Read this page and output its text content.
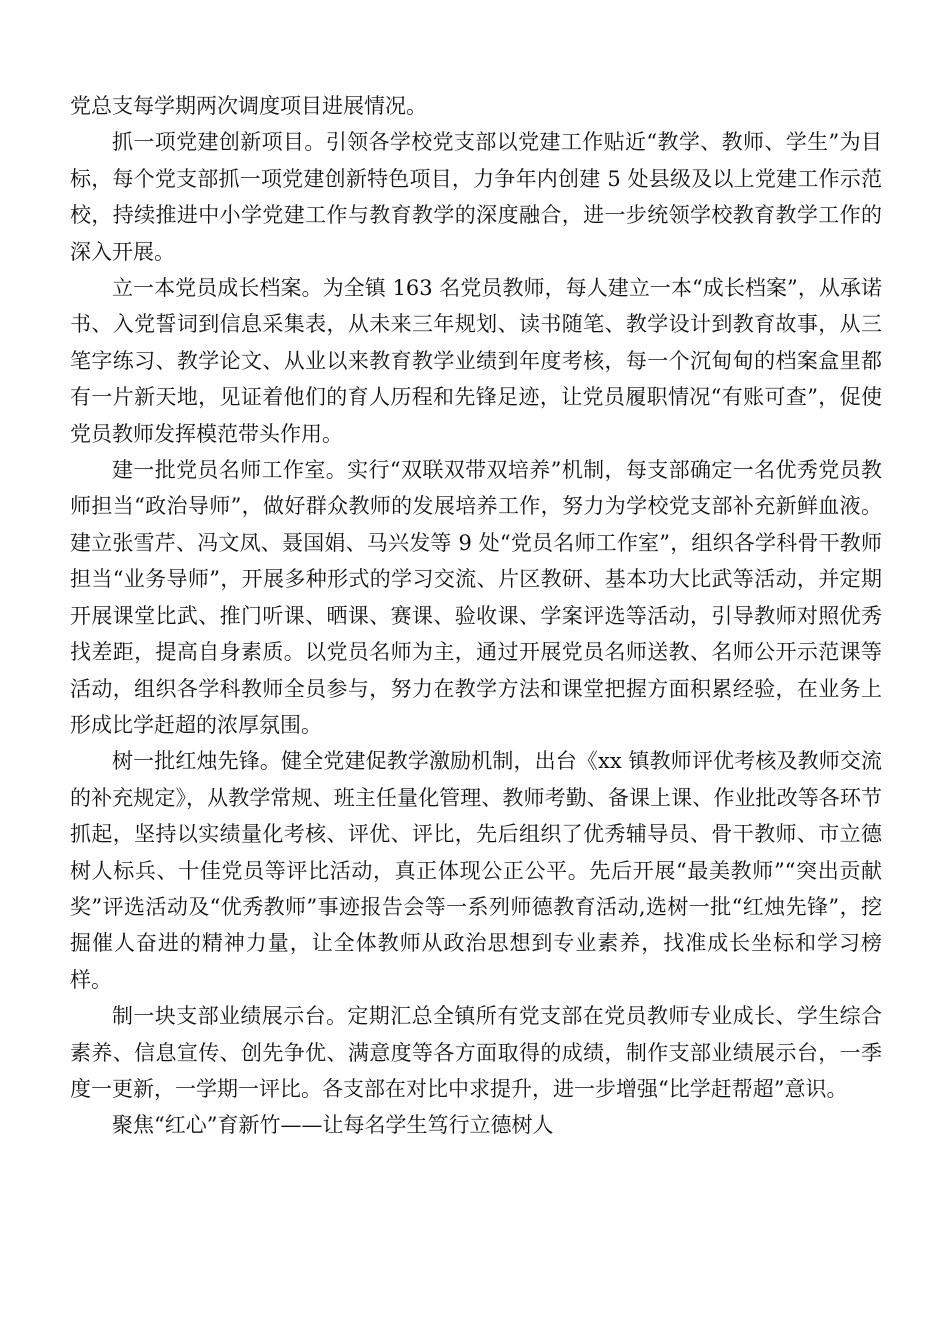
党总支每学期两次调度项目进展情况。

抓一项党建创新项目。引领各学校党支部以党建工作贴近“教学、教师、学生”为目标，每个党支部抓一项党建创新特色项目，力争年内创建 5 处县级及以上党建工作示范校，持续推进中小学党建工作与教育教学的深度融合，进一步统领学校教育教学工作的深入开展。

立一本党员成长档案。为全镇 163 名党员教师，每人建立一本“成长档案”，从承诺书、入党誓词到信息采集表，从未来三年规划、读书随笔、教学设计到教育故事，从三笔字练习、教学论文、从业以来教育教学业绩到年度考核，每一个沉甸甸的档案盒里都有一片新天地，见证着他们的育人历程和先锋足迹，让党员履职情况“有账可查”，促使党员教师发挥模范带头作用。

建一批党员名师工作室。实行“双联双带双培养”机制，每支部确定一名优秀党员教师担当“政治导师”，做好群众教师的发展培养工作，努力为学校党支部补充新鲜血液。建立张雪芹、冯文凤、聂国娟、马兴发等 9 处“党员名师工作室”，组织各学科骨干教师担当“业务导师”，开展多种形式的学习交流、片区教研、基本功大比武等活动，并定期开展课堂比武、推门听课、晒课、赛课、验收课、学案评选等活动，引导教师对照优秀找差距，提高自身素质。以党员名师为主，通过开展党员名师送教、名师公开示范课等活动，组织各学科教师全员参与，努力在教学方法和课堂把握方面积累经验，在业务上形成比学赶超的浓厚氛围。

树一批红烛先锋。健全党建促教学激励机制，出台《xx 镇教师评优考核及教师交流的补充规定》，从教学常规、班主任量化管理、教师考勤、备课上课、作业批改等各环节抓起，坚持以实绩量化考核、评优、评比，先后组织了优秀辅导员、骨干教师、市立德树人标兵、十佳党员等评比活动，真正体现公正公平。先后开展“最美教师”“突出贡献奖”评选活动及“优秀教师”事迹报告会等一系列师德教育活动,选树一批“红烛先锋”，挖掘催人奋进的精神力量，让全体教师从政治思想到专业素养，找准成长坐标和学习榜样。

制一块支部业绩展示台。定期汇总全镇所有党支部在党员教师专业成长、学生综合素养、信息宣传、创先争优、满意度等各方面取得的成绩，制作支部业绩展示台，一季度一更新，一学期一评比。各支部在对比中求提升，进一步增强“比学赶帮超”意识。

聚焦“红心”育新竹——让每名学生笃行立德树人
